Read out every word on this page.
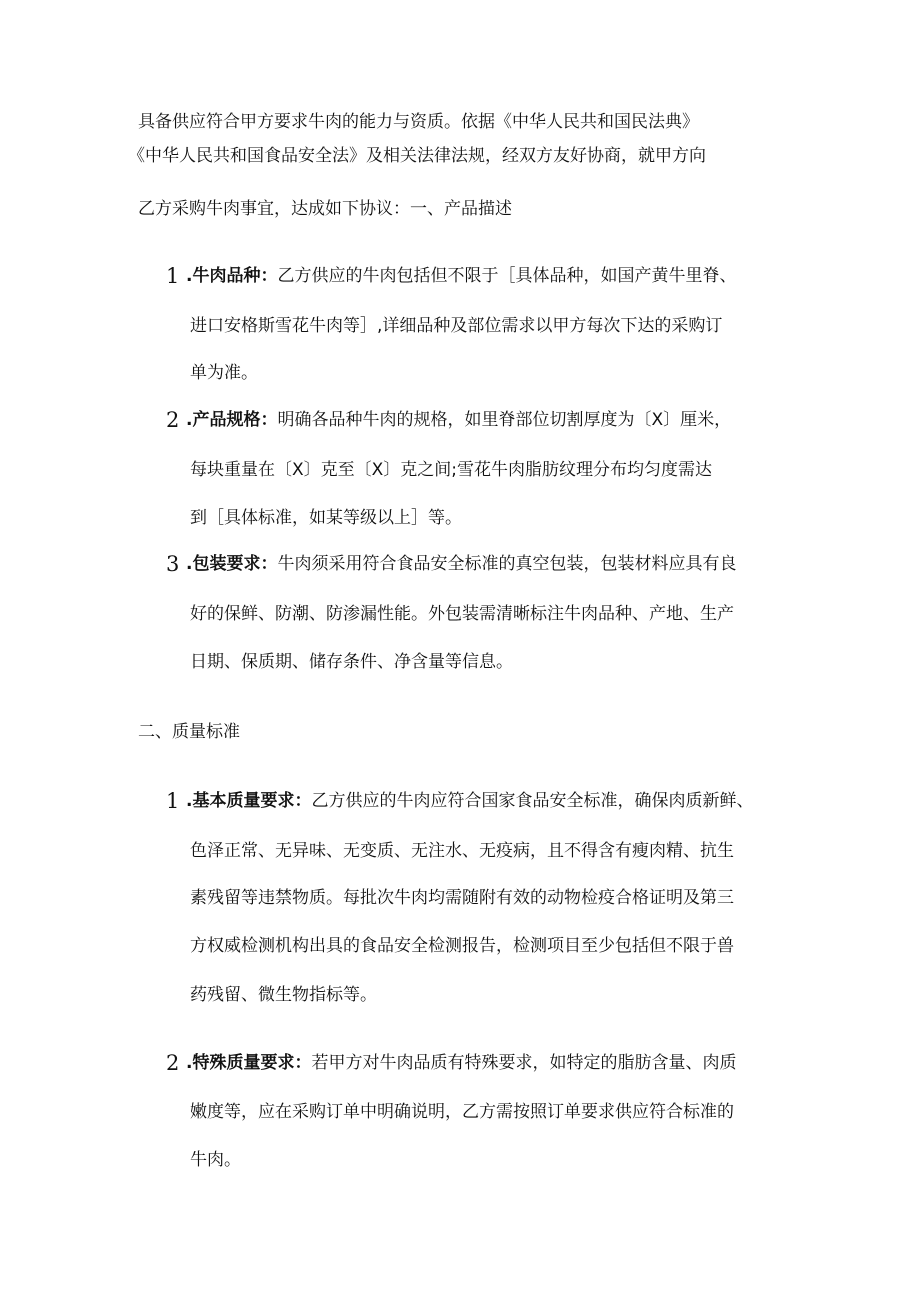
具备供应符合甲方要求牛肉的能力与资质。依据《中华人民共和国民法典》
《中华人民共和国食品安全法》及相关法律法规，经双方友好协商，就甲方向
乙方采购牛肉事宜，达成如下协议：一、产品描述
1 .牛肉品种：乙方供应的牛肉包括但不限于［具体品种，如国产黄牛里脊、
进口安格斯雪花牛肉等］,详细品种及部位需求以甲方每次下达的采购订
单为准。
2 .产品规格：明确各品种牛肉的规格，如里脊部位切割厚度为〔X〕厘米，
每块重量在〔X〕克至〔X〕克之间;雪花牛肉脂肪纹理分布均匀度需达
到［具体标准，如某等级以上］等。
3 .包装要求：牛肉须采用符合食品安全标准的真空包装，包装材料应具有良
好的保鲜、防潮、防渗漏性能。外包装需清晰标注牛肉品种、产地、生产
日期、保质期、储存条件、净含量等信息。
二、质量标准
1 .基本质量要求：乙方供应的牛肉应符合国家食品安全标准，确保肉质新鲜、
色泽正常、无异味、无变质、无注水、无疫病，且不得含有瘦肉精、抗生
素残留等违禁物质。每批次牛肉均需随附有效的动物检疫合格证明及第三
方权威检测机构出具的食品安全检测报告，检测项目至少包括但不限于兽
药残留、微生物指标等。
2 .特殊质量要求：若甲方对牛肉品质有特殊要求，如特定的脂肪含量、肉质
嫩度等，应在采购订单中明确说明，乙方需按照订单要求供应符合标准的
牛肉。
